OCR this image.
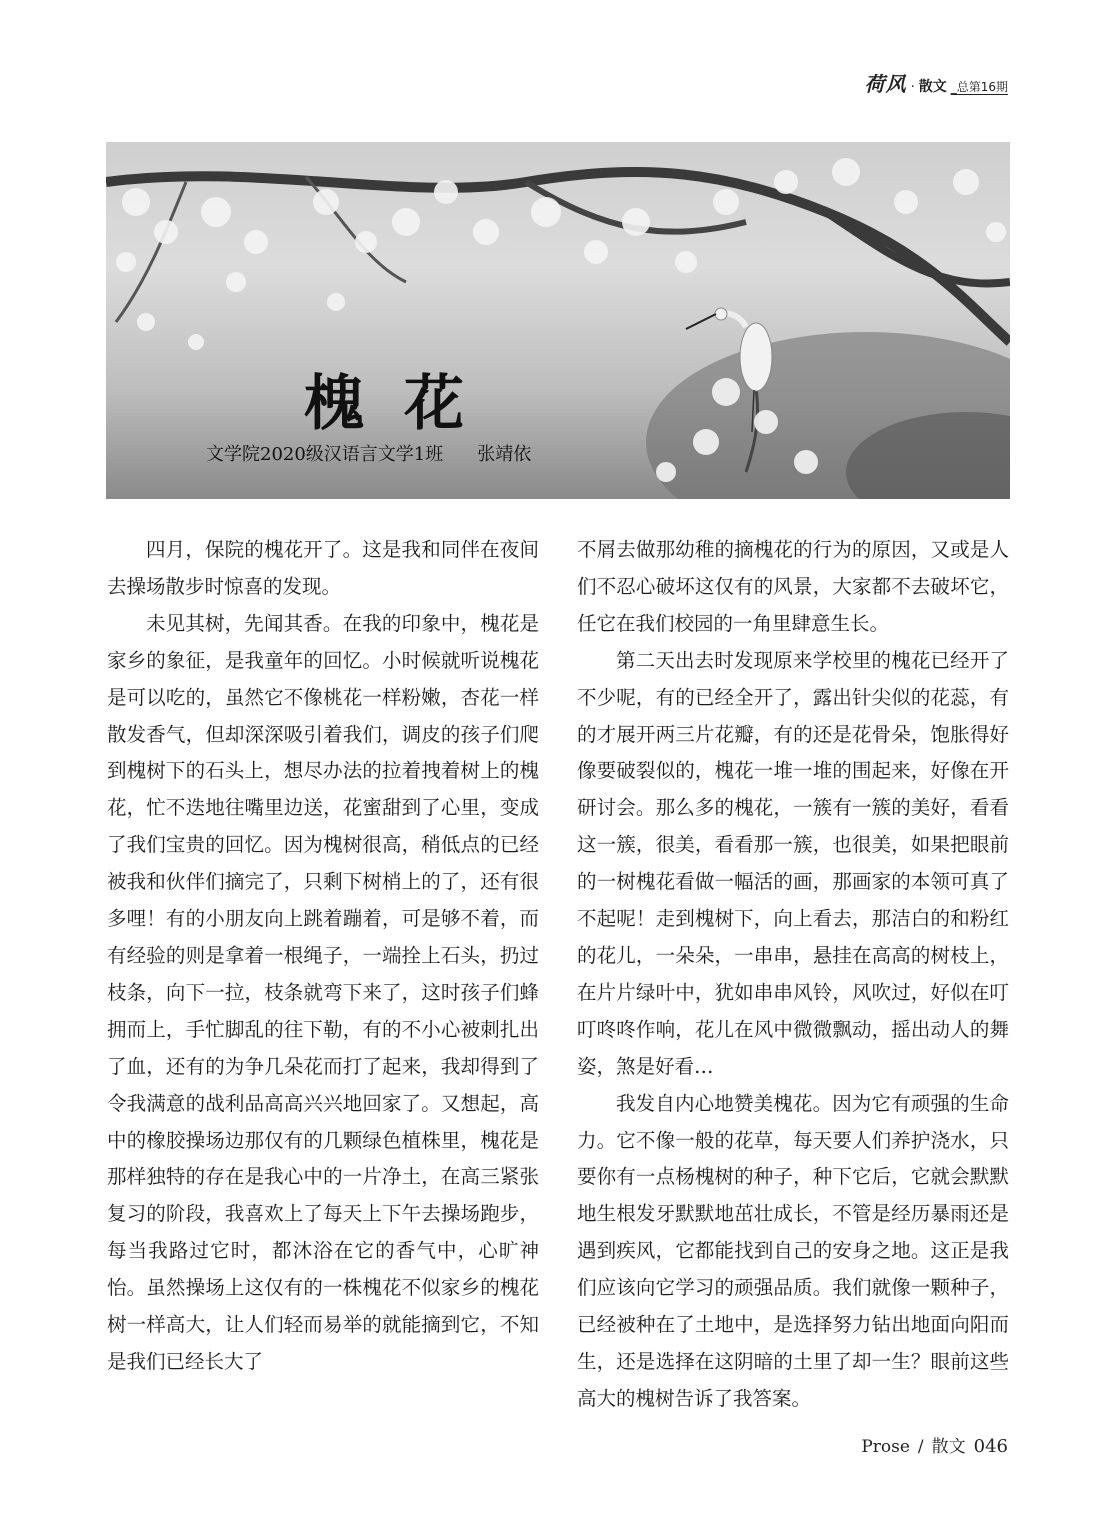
荷风 · 散文 _总第16期
槐花
文学院2020级汉语言文学1班 张靖依

四月，保院的槐花开了。这是我和同伴在夜间去操场散步时惊喜的发现。

未见其树，先闻其香。在我的印象中，槐花是家乡的象征，是我童年的回忆。小时候就听说槐花是可以吃的，虽然它不像桃花一样粉嫩，杏花一样散发香气，但却深深吸引着我们，调皮的孩子们爬到槐树下的石头上，想尽办法的拉着拽着树上的槐花，忙不迭地往嘴里边送，花蜜甜到了心里，变成了我们宝贵的回忆。因为槐树很高，稍低点的已经被我和伙伴们摘完了，只剩下树梢上的了，还有很多哩！有的小朋友向上跳着蹦着，可是够不着，而有经验的则是拿着一根绳子，一端拴上石头，扔过枝条，向下一拉，枝条就弯下来了，这时孩子们蜂拥而上，手忙脚乱的往下勒，有的不小心被刺扎出了血，还有的为争几朵花而打了起来，我却得到了令我满意的战利品高高兴兴地回家了。又想起，高中的橡胶操场边那仅有的几颗绿色植株里，槐花是那样独特的存在是我心中的一片净土，在高三紧张复习的阶段，我喜欢上了每天上下午去操场跑步，每当我路过它时，都沐浴在它的香气中，心旷神怡。虽然操场上这仅有的一株槐花不似家乡的槐花树一样高大，让人们轻而易举的就能摘到它，不知是我们已经长大了

不屑去做那幼稚的摘槐花的行为的原因，又或是人们不忍心破坏这仅有的风景，大家都不去破坏它，任它在我们校园的一角里肆意生长。

第二天出去时发现原来学校里的槐花已经开了不少呢，有的已经全开了，露出针尖似的花蕊，有的才展开两三片花瓣，有的还是花骨朵，饱胀得好像要破裂似的，槐花一堆一堆的围起来，好像在开研讨会。那么多的槐花，一簇有一簇的美好，看看这一簇，很美，看看那一簇，也很美，如果把眼前的一树槐花看做一幅活的画，那画家的本领可真了不起呢！走到槐树下，向上看去，那洁白的和粉红的花儿，一朵朵，一串串，悬挂在高高的树枝上，在片片绿叶中，犹如串串风铃，风吹过，好似在叮叮咚咚作响，花儿在风中微微飘动，摇出动人的舞姿，煞是好看…

我发自内心地赞美槐花。因为它有顽强的生命力。它不像一般的花草，每天要人们养护浇水，只要你有一点杨槐树的种子，种下它后，它就会默默地生根发牙默默地茁壮成长，不管是经历暴雨还是遇到疾风，它都能找到自己的安身之地。这正是我们应该向它学习的顽强品质。我们就像一颗种子，已经被种在了土地中，是选择努力钻出地面向阳而生，还是选择在这阴暗的土里了却一生？眼前这些高大的槐树告诉了我答案。

Prose / 散文 046
